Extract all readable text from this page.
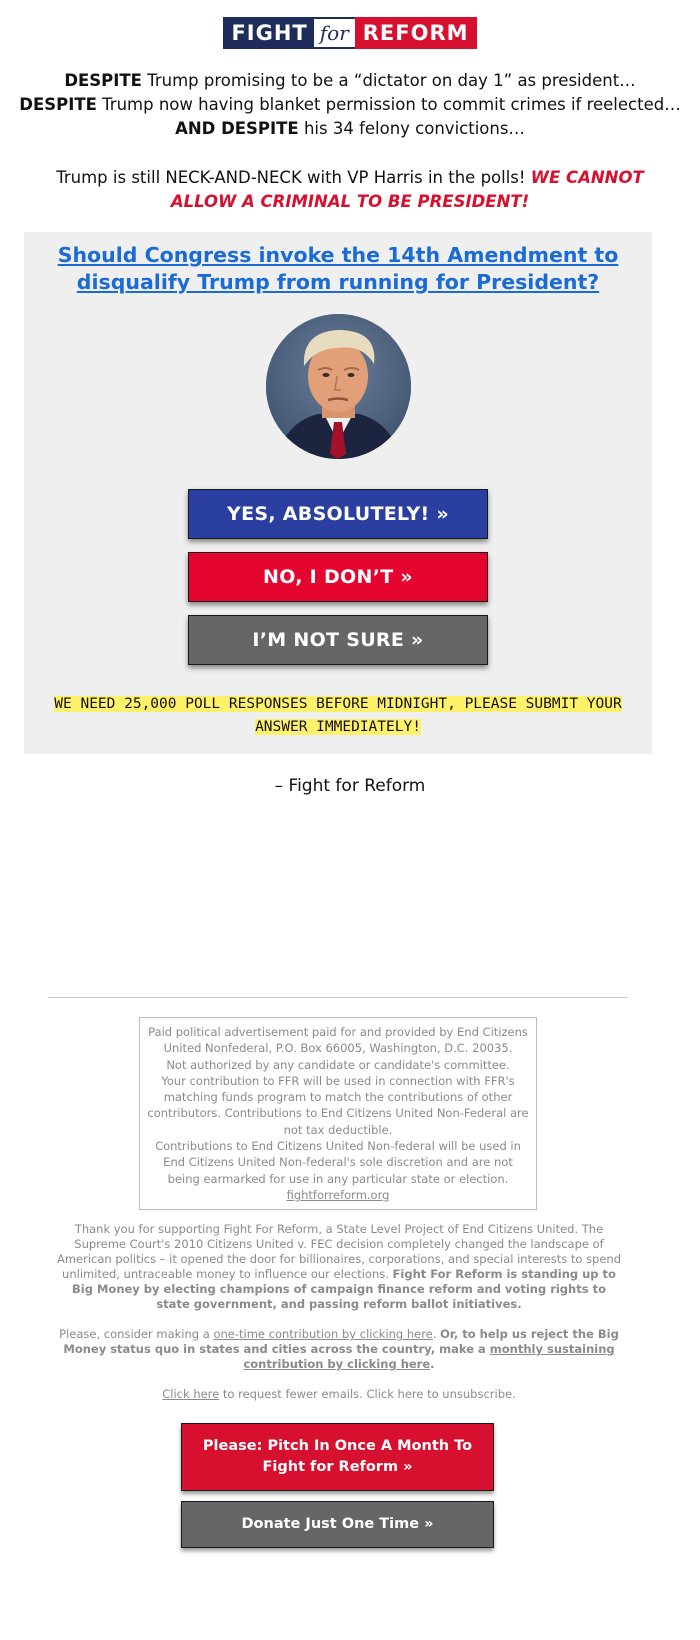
FIGHT for REFORM
DESPITE Trump promising to be a “dictator on day 1” as president…
DESPITE Trump now having blanket permission to commit crimes if reelected…
AND DESPITE his 34 felony convictions…
Trump is still NECK-AND-NECK with VP Harris in the polls! WE CANNOT ALLOW A CRIMINAL TO BE PRESIDENT!
Should Congress invoke the 14th Amendment to disqualify Trump from running for President?
YES, ABSOLUTELY! »
NO, I DON’T »
I’M NOT SURE »
WE NEED 25,000 POLL RESPONSES BEFORE MIDNIGHT, PLEASE SUBMIT YOUR ANSWER IMMEDIATELY!
– Fight for Reform
Paid political advertisement paid for and provided by End Citizens United Nonfederal, P.O. Box 66005, Washington, D.C. 20035.
Not authorized by any candidate or candidate's committee.
Your contribution to FFR will be used in connection with FFR's matching funds program to match the contributions of other contributors. Contributions to End Citizens United Non-Federal are not tax deductible.
Contributions to End Citizens United Non-federal will be used in End Citizens United Non-federal's sole discretion and are not being earmarked for use in any particular state or election.
fightforreform.org
Thank you for supporting Fight For Reform, a State Level Project of End Citizens United. The Supreme Court's 2010 Citizens United v. FEC decision completely changed the landscape of American politics – it opened the door for billionaires, corporations, and special interests to spend unlimited, untraceable money to influence our elections. Fight For Reform is standing up to Big Money by electing champions of campaign finance reform and voting rights to state government, and passing reform ballot initiatives.
Please, consider making a one-time contribution by clicking here. Or, to help us reject the Big Money status quo in states and cities across the country, make a monthly sustaining contribution by clicking here.
Click here to request fewer emails. Click here to unsubscribe.
Please: Pitch In Once A Month To Fight for Reform »
Donate Just One Time »
